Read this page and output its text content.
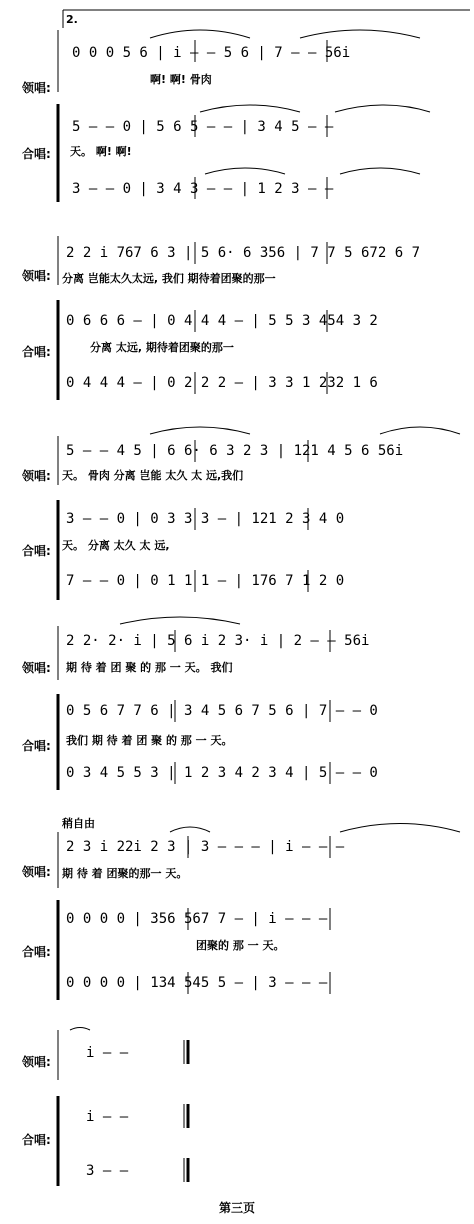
2.
稍自由
领唱:
合唱:
领唱:
合唱:
领唱:
合唱:
领唱:
合唱:
领唱:
合唱:
领唱:
合唱:
0 0 0 5 6 | i – – 5 6 | 7 – – 56i
啊! 啊! 骨肉
5 – – 0 | 5 6 5 – – | 3 4 5 – –
天。 啊! 啊!
3 – – 0 | 3 4 3 – – | 1 2 3 – –
2 2 i 767 6 3 | 5 6· 6 356 | 7 7 5 672 6 7
分离 岂能太久太远, 我们 期待着团聚的那一
0 6 6 6 – | 0 4 4 4 – | 5 5 3 454 3 2
分离 太远, 期待着团聚的那一
0 4 4 4 – | 0 2 2 2 – | 3 3 1 232 1 6
5 – – 4 5 | 6 6· 6 3 2 3 | 121 4 5 6 56i
天。 骨肉 分离 岂能 太久 太 远,我们
3 – – 0 | 0 3 3 3 – | 121 2 3 4 0
天。 分离 太久 太 远,
7 – – 0 | 0 1 1 1 – | 176 7 1 2 0
2 2· 2· i | 5 6 i 2 3· i | 2 – – 56i
期 待 着 团 聚 的 那 一 天。 我们
0 5 6 7 7 6 | 3 4 5 6 7 5 6 | 7 – – 0
我们 期 待 着 团 聚 的 那 一 天。
0 3 4 5 5 3 | 1 2 3 4 2 3 4 | 5 – – 0
2 3 i 22i 2 3 | 3 – – – | i – – –
期 待 着 团聚的那一 天。
0 0 0 0 | 356 567 7 – | i – – –
团聚的 那 一 天。
0 0 0 0 | 134 545 5 – | 3 – – –
i – –
i – –
3 – –
第三页
